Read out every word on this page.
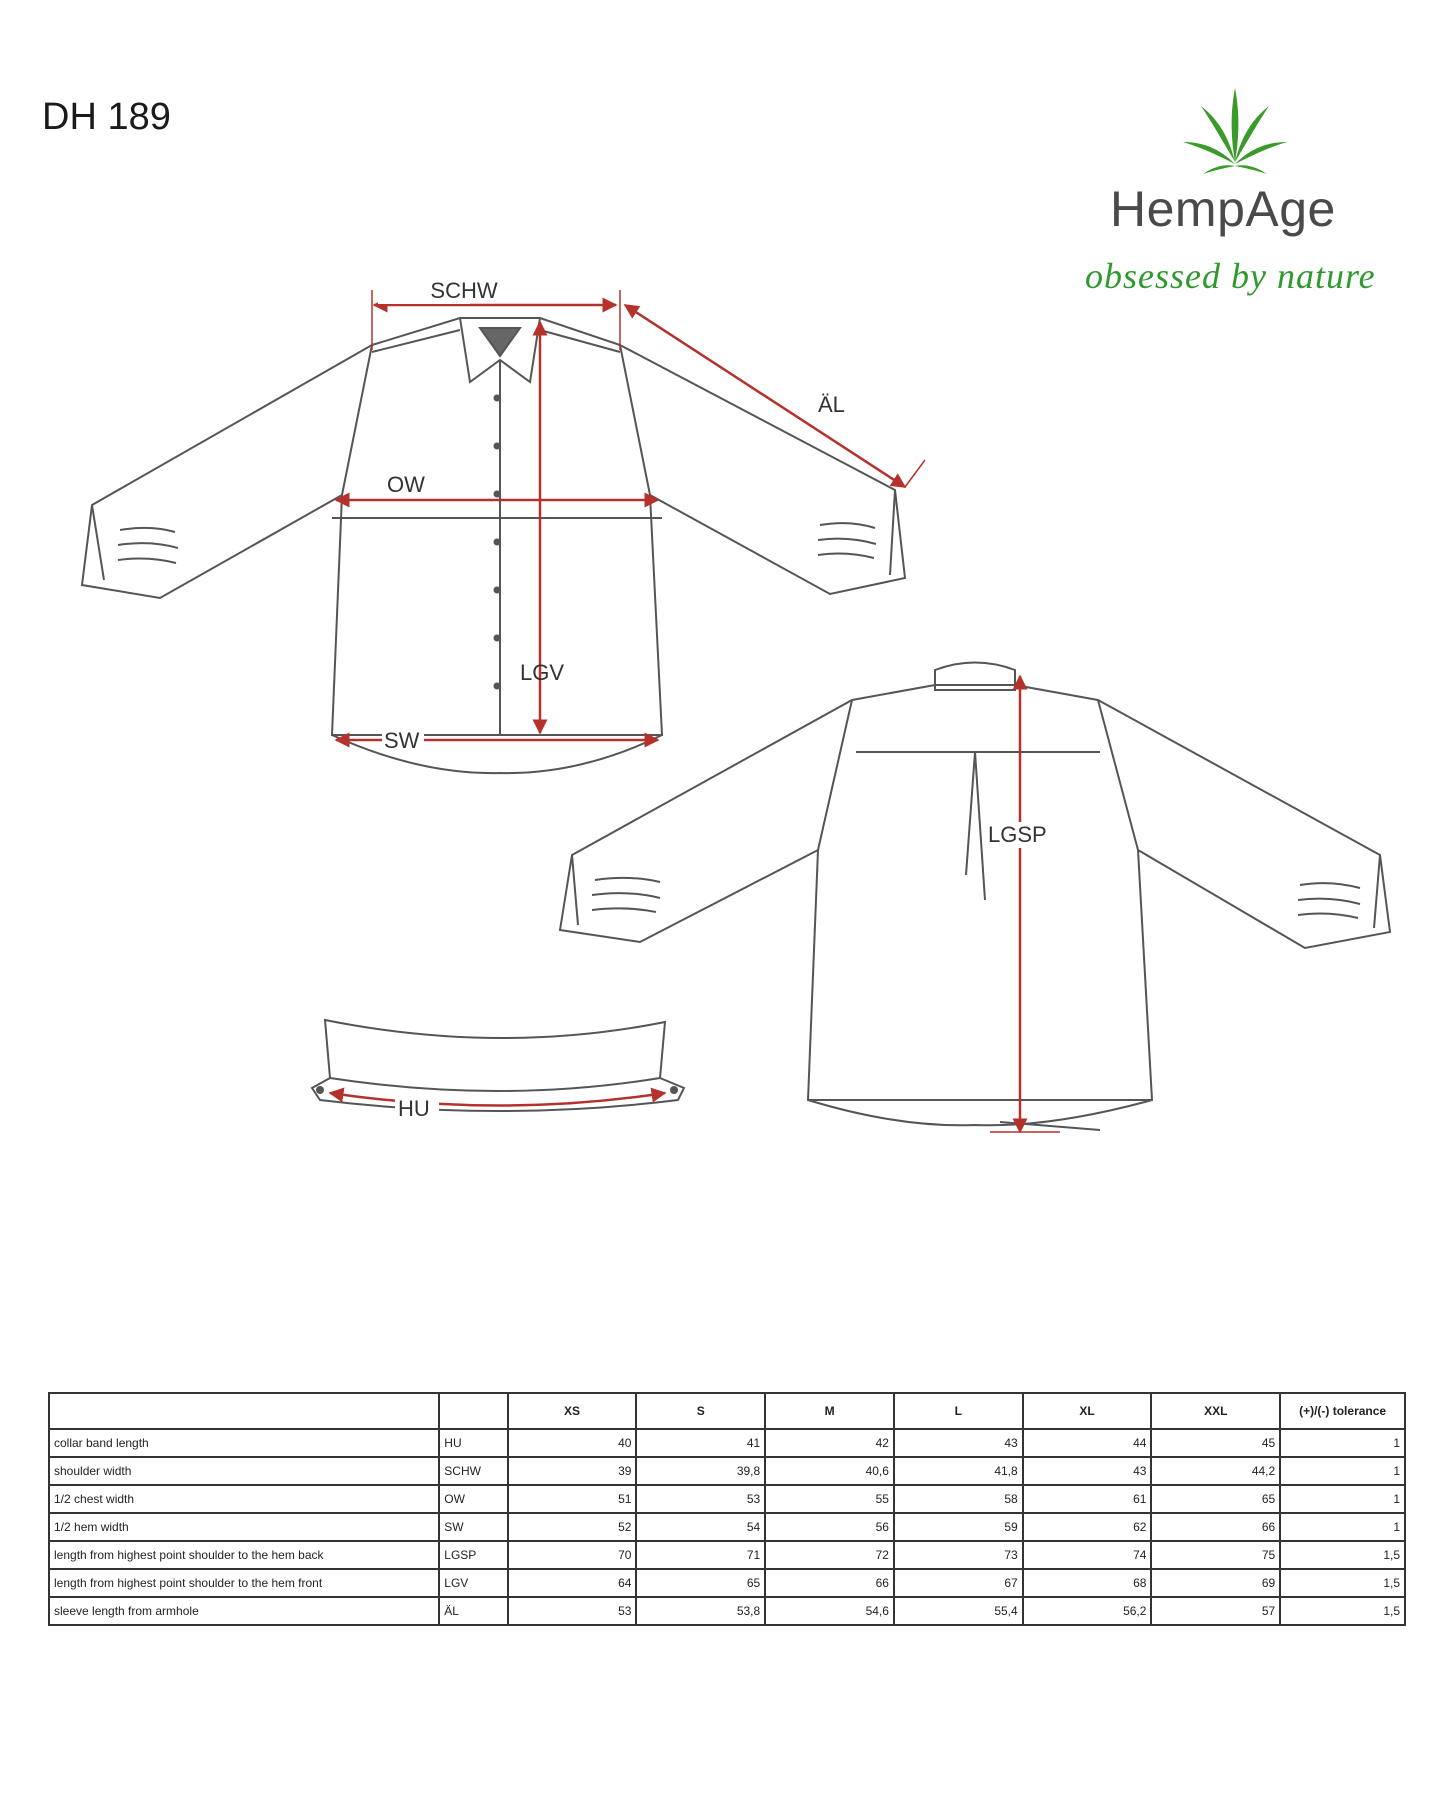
DH 189
HempAge
obsessed by nature
SCHW
ÄL
OW
LGV
SW
LGSP
HU
		XS	S	M	L	XL	XXL	(+)/(-) tolerance
collar band length	HU	40	41	42	43	44	45	1
shoulder width	SCHW	39	39,8	40,6	41,8	43	44,2	1
1/2 chest width	OW	51	53	55	58	61	65	1
1/2 hem width	SW	52	54	56	59	62	66	1
length from highest point shoulder to the hem back	LGSP	70	71	72	73	74	75	1,5
length from highest point shoulder to the hem front	LGV	64	65	66	67	68	69	1,5
sleeve length from armhole	ÄL	53	53,8	54,6	55,4	56,2	57	1,5
